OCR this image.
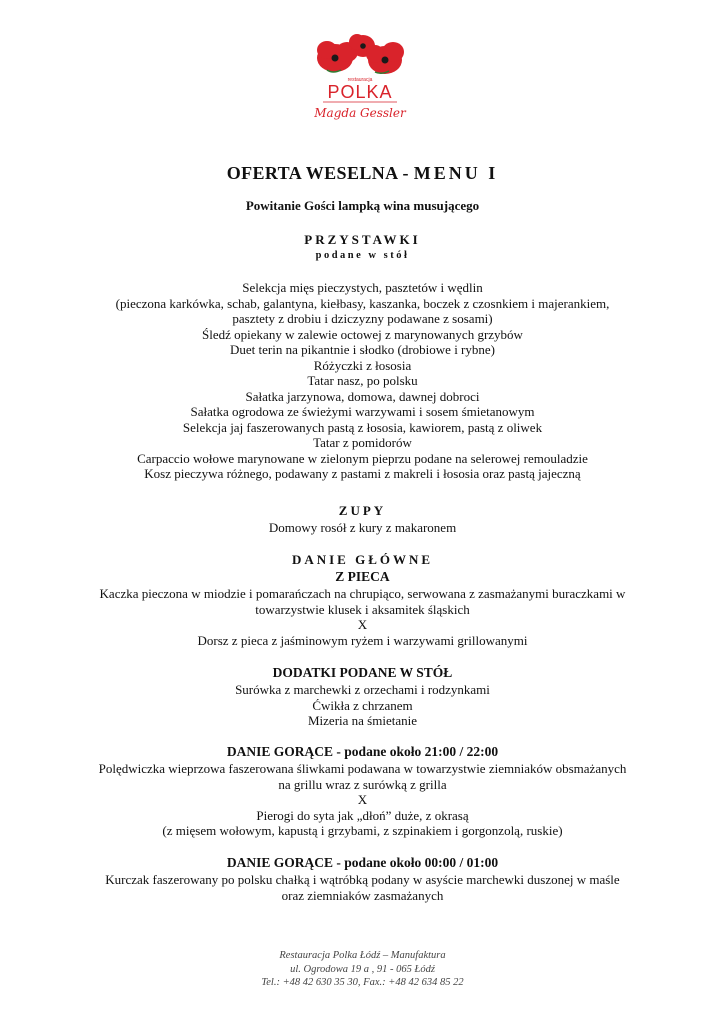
restauracja
POLKA
Magda Gessler
OFERTA WESELNA - MENU I
Powitanie Gości lampką wina musującego
PRZYSTAWKI
podane w stół
Selekcja mięs pieczystych, pasztetów i wędlin
(pieczona karkówka, schab, galantyna, kiełbasy, kaszanka, boczek z czosnkiem i majerankiem,
pasztety z drobiu i dziczyzny podawane z sosami)
Śledź opiekany w zalewie octowej z marynowanych grzybów
Duet terin na pikantnie i słodko (drobiowe i rybne)
Różyczki z łososia
Tatar nasz, po polsku
Sałatka jarzynowa, domowa, dawnej dobroci
Sałatka ogrodowa ze świeżymi warzywami i sosem śmietanowym
Selekcja jaj faszerowanych pastą z łososia, kawiorem, pastą z oliwek
Tatar z pomidorów
Carpaccio wołowe marynowane w zielonym pieprzu podane na selerowej remouladzie
Kosz pieczywa różnego, podawany z pastami z makreli i łososia oraz pastą jajeczną
ZUPY
Domowy rosół z kury z makaronem
DANIE GŁÓWNE
Z PIECA
Kaczka pieczona w miodzie i pomarańczach na chrupiąco, serwowana z zasmażanymi buraczkami w
towarzystwie klusek i aksamitek śląskich
X
Dorsz z pieca z jaśminowym ryżem i warzywami grillowanymi
DODATKI PODANE W STÓŁ
Surówka z marchewki z orzechami i rodzynkami
Ćwikła z chrzanem
Mizeria na śmietanie
DANIE GORĄCE - podane około 21:00 / 22:00
Polędwiczka wieprzowa faszerowana śliwkami podawana w towarzystwie ziemniaków obsmażanych
na grillu wraz z surówką z grilla
X
Pierogi do syta jak „dłoń” duże, z okrasą
(z mięsem wołowym, kapustą i grzybami, z szpinakiem i gorgonzolą, ruskie)
DANIE GORĄCE - podane około 00:00 / 01:00
Kurczak faszerowany po polsku chałką i wątróbką podany w asyście marchewki duszonej w maśle
oraz ziemniaków zasmażanych
Restauracja Polka Łódź – Manufaktura
ul. Ogrodowa 19 a , 91 - 065 Łódź
Tel.: +48 42 630 35 30, Fax.: +48 42 634 85 22
